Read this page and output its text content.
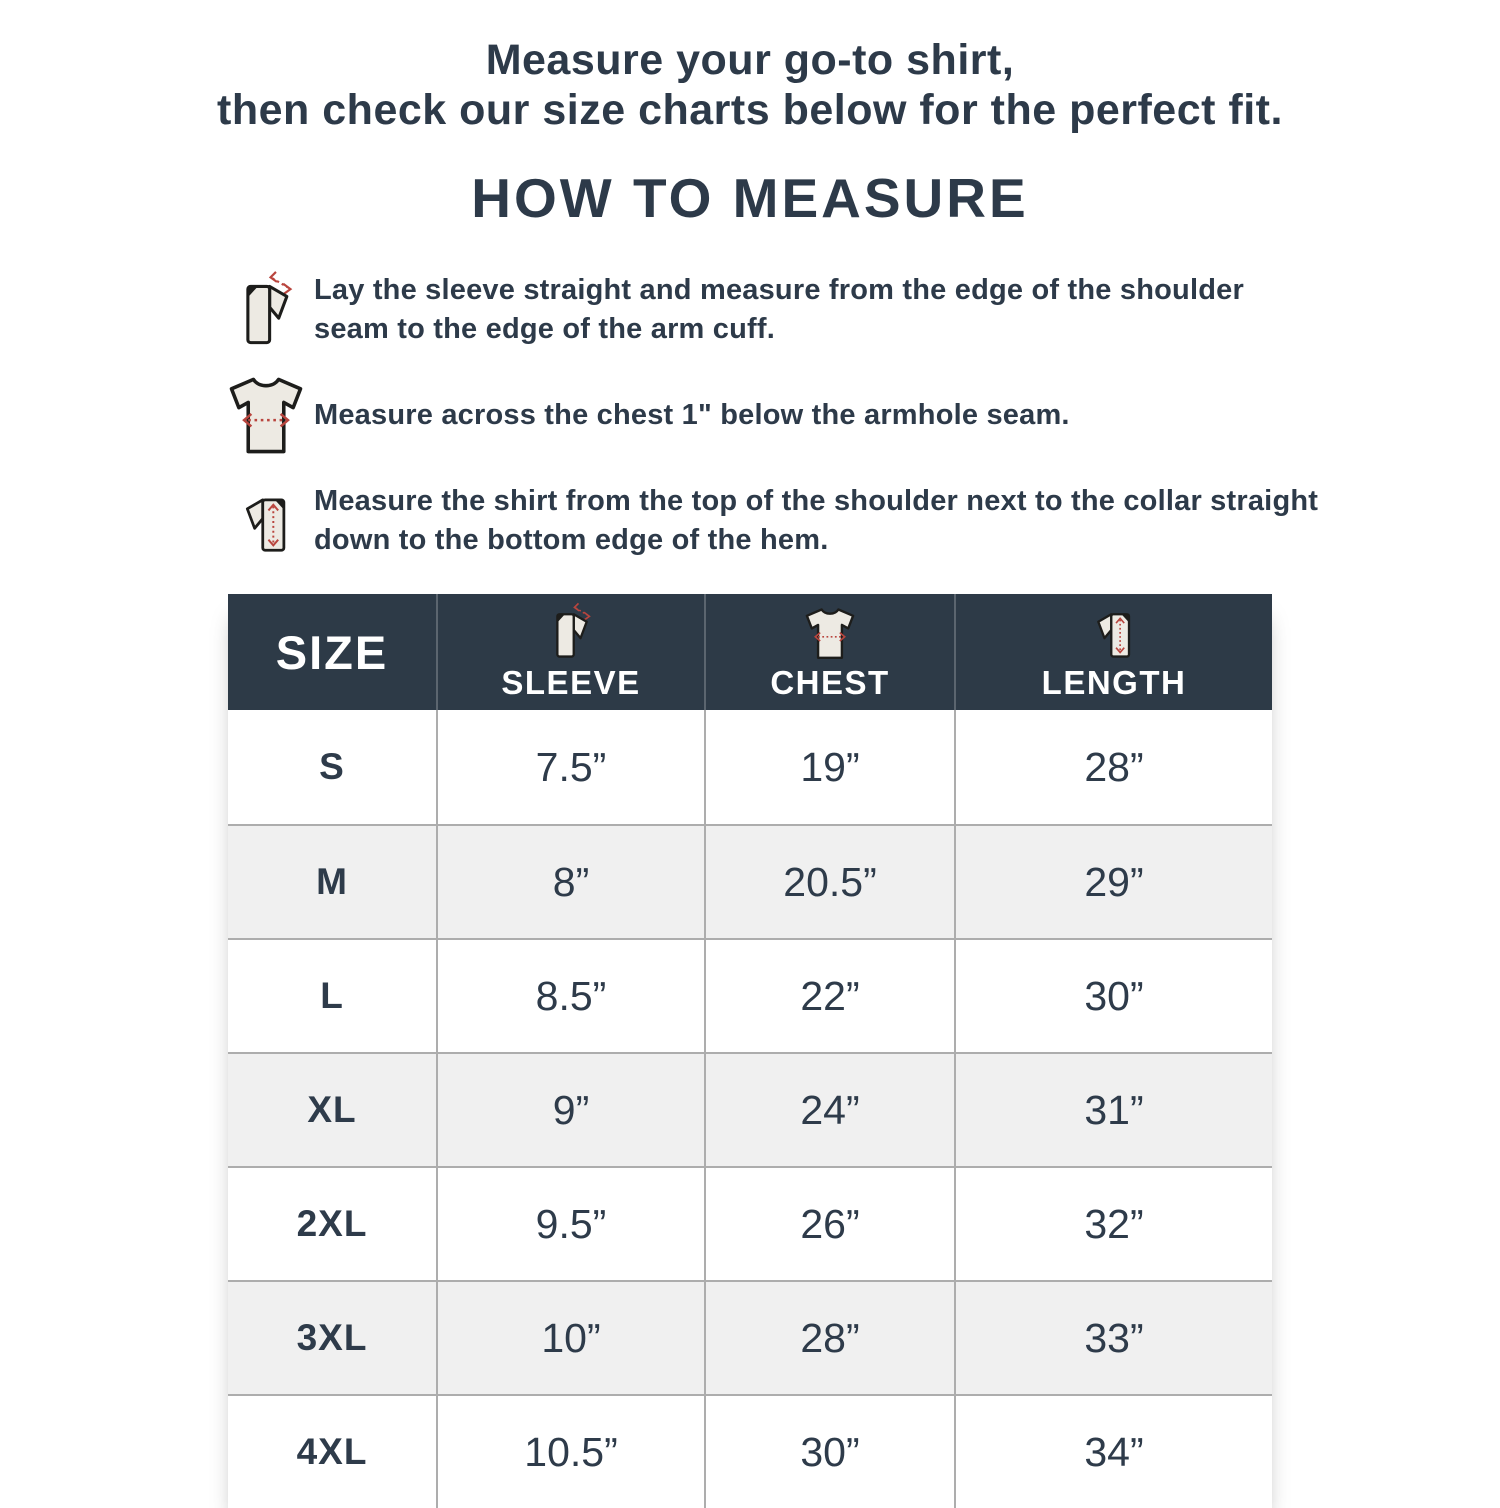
Measure your go-to shirt,
then check our size charts below for the perfect fit.
HOW TO MEASURE
Lay the sleeve straight and measure from the edge of the shoulder seam to the edge of the arm cuff.
Measure across the chest 1" below the armhole seam.
Measure the shirt from the top of the shoulder next to the collar straight down to the bottom edge of the hem.
SIZE
SLEEVE	CHEST	LENGTH
S	7.5”	19”	28”
M	8”	20.5”	29”
L	8.5”	22”	30”
XL	9”	24”	31”
2XL	9.5”	26”	32”
3XL	10”	28”	33”
4XL	10.5”	30”	34”
